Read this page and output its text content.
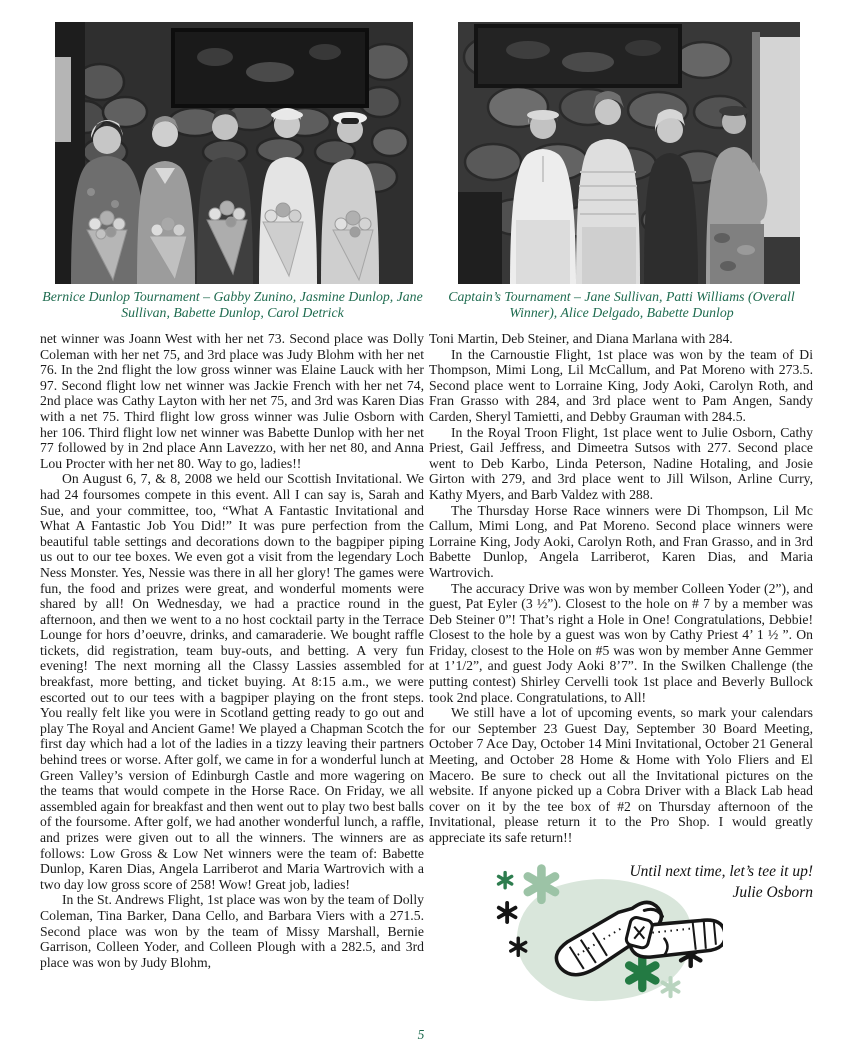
Bernice Dunlop Tournament – Gabby Zunino, Jasmine Dunlop, Jane Sullivan, Babette Dunlop, Carol Detrick
Captain’s Tournament – Jane Sullivan, Patti Williams (Overall Winner), Alice Delgado, Babette Dunlop

net winner was Joann West with her net 73. Second place was Dolly Coleman with her net 75, and 3rd place was Judy Blohm with her net 76. In the 2nd flight the low gross winner was Elaine Lauck with her 97. Second flight low net winner was Jackie French with her net 74, 2nd place was Cathy Layton with her net 75, and 3rd was Karen Dias with a net 75. Third flight low gross winner was Julie Osborn with her 106. Third flight low net winner was Babette Dunlop with her net 77 followed by in 2nd place Ann Lavezzo, with her net 80, and Anna Lou Procter with her net 80. Way to go, ladies!!

On August 6, 7, & 8, 2008 we held our Scottish Invitational. We had 24 foursomes compete in this event. All I can say is, Sarah and Sue, and your committee, too, “What A Fantastic Invitational and What A Fantastic Job You Did!” It was pure perfection from the beautiful table settings and decorations down to the bagpiper piping us out to our tee boxes. We even got a visit from the legendary Loch Ness Monster. Yes, Nessie was there in all her glory! The games were fun, the food and prizes were great, and wonderful moments were shared by all! On Wednesday, we had a practice round in the afternoon, and then we went to a no host cocktail party in the Terrace Lounge for hors d’oeuvre, drinks, and camaraderie. We bought raffle tickets, did registration, team buy-outs, and betting. A very fun evening! The next morning all the Classy Lassies assembled for breakfast, more betting, and ticket buying. At 8:15 a.m., we were escorted out to our tees with a bagpiper playing on the front steps. You really felt like you were in Scotland getting ready to go out and play The Royal and Ancient Game! We played a Chapman Scotch the first day which had a lot of the ladies in a tizzy leaving their partners behind trees or worse. After golf, we came in for a wonderful lunch at Green Valley’s version of Edinburgh Castle and more wagering on the teams that would compete in the Horse Race. On Friday, we all assembled again for breakfast and then went out to play two best balls of the foursome. After golf, we had another wonderful lunch, a raffle, and prizes were given out to all the winners. The winners are as follows: Low Gross & Low Net winners were the team of: Babette Dunlop, Karen Dias, Angela Larriberot and Maria Wartrovich with a two day low gross score of 258! Wow! Great job, ladies!

In the St. Andrews Flight, 1st place was won by the team of Dolly Coleman, Tina Barker, Dana Cello, and Barbara Viers with a 271.5. Second place was won by the team of Missy Marshall, Bernie Garrison, Colleen Yoder, and Colleen Plough with a 282.5, and 3rd place was won by Judy Blohm,

Toni Martin, Deb Steiner, and Diana Marlana with 284.

In the Carnoustie Flight, 1st place was won by the team of Di Thompson, Mimi Long, Lil McCallum, and Pat Moreno with 273.5. Second place went to Lorraine King, Jody Aoki, Carolyn Roth, and Fran Grasso with 284, and 3rd place went to Pam Angen, Sandy Carden, Sheryl Tamietti, and Debby Grauman with 284.5.

In the Royal Troon Flight, 1st place went to Julie Osborn, Cathy Priest, Gail Jeffress, and Dimeetra Sutsos with 277. Second place went to Deb Karbo, Linda Peterson, Nadine Hotaling, and Josie Girton with 279, and 3rd place went to Jill Wilson, Arline Curry, Kathy Myers, and Barb Valdez with 288.

The Thursday Horse Race winners were Di Thompson, Lil Mc Callum, Mimi Long, and Pat Moreno. Second place winners were Lorraine King, Jody Aoki, Carolyn Roth, and Fran Grasso, and in 3rd Babette Dunlop, Angela Larriberot, Karen Dias, and Maria Wartrovich.

The accuracy Drive was won by member Colleen Yoder (2”), and guest, Pat Eyler (3 ½”). Closest to the hole on # 7 by a member was Deb Steiner 0”! That’s right a Hole in One! Congratulations, Debbie! Closest to the hole by a guest was won by Cathy Priest 4’ 1 ½ ”. On Friday, closest to the Hole on #5 was won by member Anne Gemmer at 1’1/2”, and guest Jody Aoki 8’7”. In the Swilken Challenge (the putting contest) Shirley Cervelli took 1st place and Beverly Bullock took 2nd place. Congratulations, to All!

We still have a lot of upcoming events, so mark your calendars for our September 23 Guest Day, September 30 Board Meeting, October 7 Ace Day, October 14 Mini Invitational, October 21 General Meeting, and October 28 Home & Home with Yolo Fliers and El Macero. Be sure to check out all the Invitational pictures on the website. If anyone picked up a Cobra Driver with a Black Lab head cover on it by the tee box of #2 on Thursday afternoon of the Invitational, please return it to the Pro Shop. I would greatly appreciate its safe return!!

Until next time, let’s tee it up!
Julie Osborn
5
